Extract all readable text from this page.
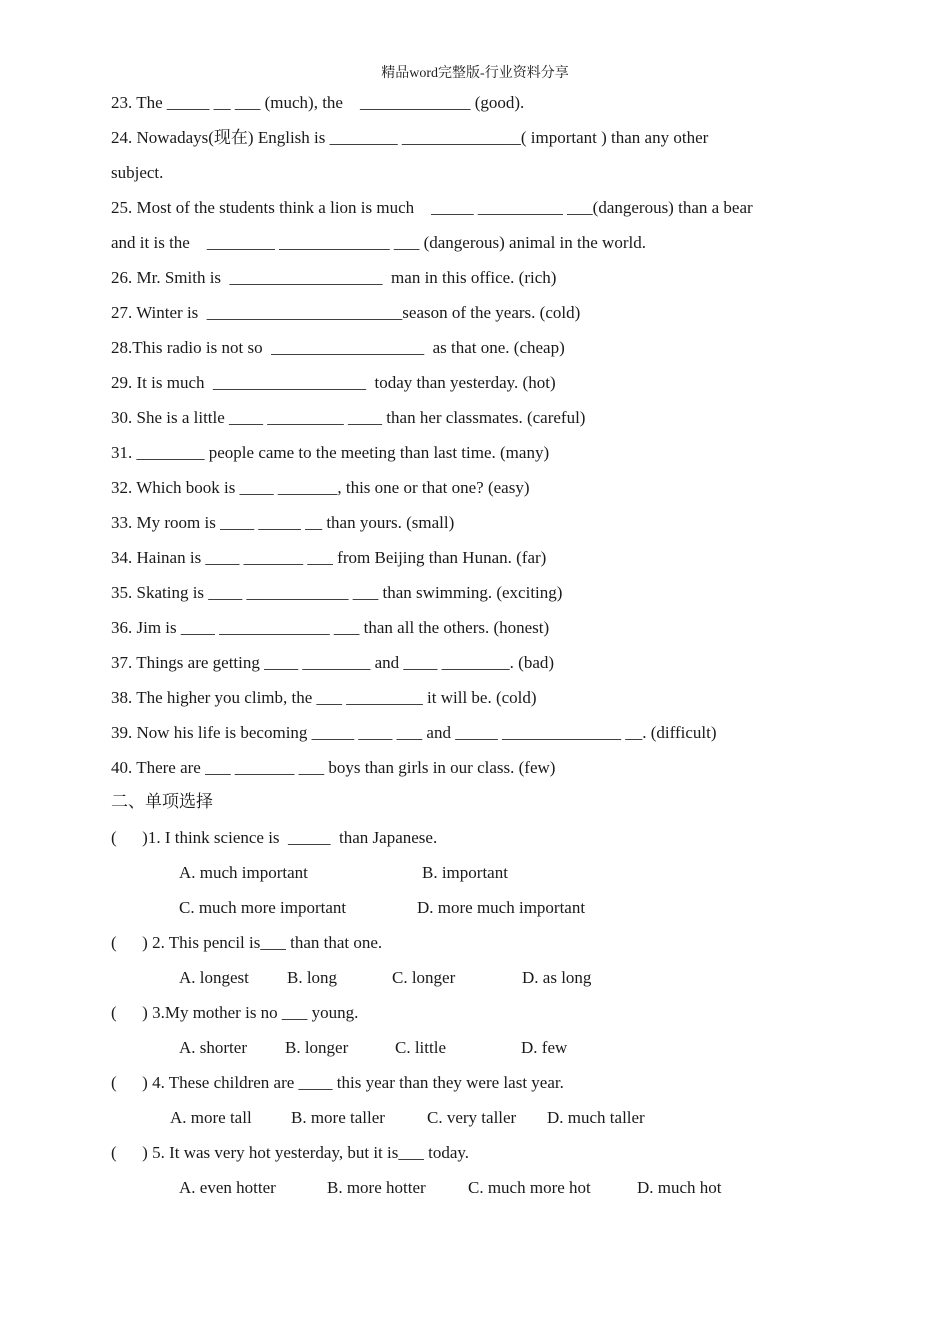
精品word完整版-行业资料分享
23. The _____ __ ___ (much), the    _____________ (good).
24. Nowadays(现在) English is ________ ______________( important ) than any other
subject.
25. Most of the students think a lion is much    _____ __________ ___(dangerous) than a bear
and it is the    ________ _____________ ___ (dangerous) animal in the world.
26. Mr. Smith is  __________________  man in this office. (rich)
27. Winter is  _______________________season of the years. (cold)
28.This radio is not so  __________________  as that one. (cheap)
29. It is much  __________________  today than yesterday. (hot)
30. She is a little ____ _________ ____ than her classmates. (careful)
31. ________ people came to the meeting than last time. (many)
32. Which book is ____ _______, this one or that one? (easy)
33. My room is ____ _____ __ than yours. (small)
34. Hainan is ____ _______ ___ from Beijing than Hunan. (far)
35. Skating is ____ ____________ ___ than swimming. (exciting)
36. Jim is ____ _____________ ___ than all the others. (honest)
37. Things are getting ____ ________ and ____ ________. (bad)
38. The higher you climb, the ___ _________ it will be. (cold)
39. Now his life is becoming _____ ____ ___ and _____ ______________ __. (difficult)
40. There are ___ _______ ___ boys than girls in our class. (few)
二、单项选择
(      )1. I think science is  _____  than Japanese.
A. much important	B. important
C. much more important	D. more much important
(      ) 2. This pencil is___ than that one.
A. longest B. long	C. longer	D. as long
(      ) 3.My mother is no ___ young.
A. shorter B. longer	C. little	D. few
(      ) 4. These children are ____ this year than they were last year.
A. more tall B. more taller C. very taller D. much taller
(      ) 5. It was very hot yesterday, but it is___ today.
A. even hotter	B. more hotter C. much more hot	D. much hot
